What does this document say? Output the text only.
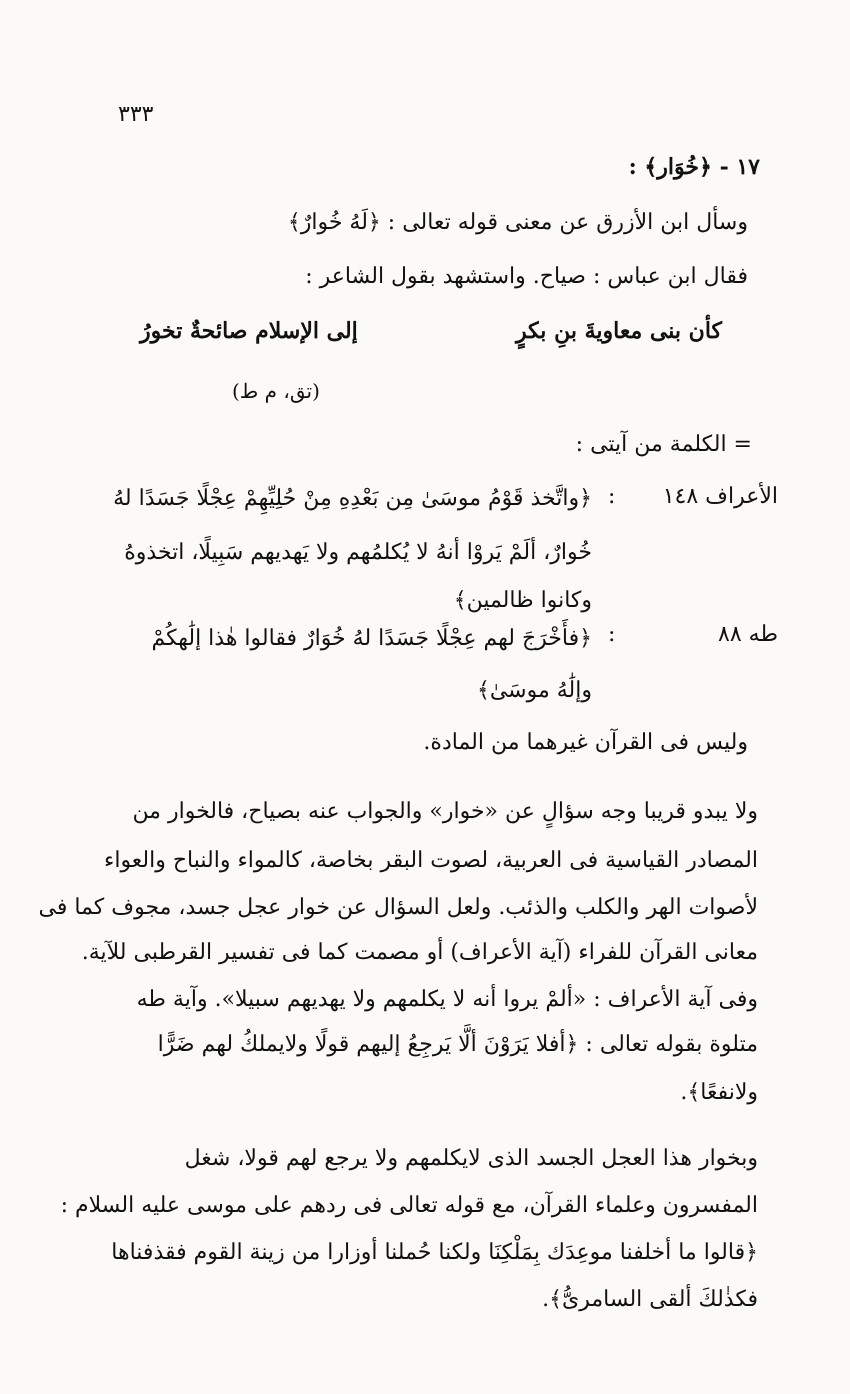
٣٣٣
١٧ - ﴿خُوَار﴾ :
وسأل ابن الأزرق عن معنى قوله تعالى : ﴿لَهُ خُوارٌ﴾
فقال ابن عباس : صياح. واستشهد بقول الشاعر :
كأن بنى معاويةَ بنِ بكرٍ
إلى الإسلام صائحةٌ تخورُ
(تق، م ط)
= الكلمة من آيتى :
الأعراف ١٤٨
:
﴿واتَّخذ قَوْمُ موسَىٰ مِن بَعْدِهِ مِنْ حُلِيِّهِمْ عِجْلًا جَسَدًا لهُ
خُوارٌ، ألَمْ يَروْا أنهُ لا يُكلمُهم ولا يَهديهم سَبِيلًا، اتخذوهُ
وكانوا ظالمين﴾
طه ٨٨
:
﴿فأَخْرَجَ لهم عِجْلًا جَسَدًا لهُ خُوَارٌ فقالوا هٰذا إلَٰهكُمْ
وإلَٰهُ موسَىٰ﴾
وليس فى القرآن غيرهما من المادة.
ولا يبدو قريبا وجه سؤالٍ عن «خوار» والجواب عنه بصياح، فالخوار من
المصادر القياسية فى العربية، لصوت البقر بخاصة، كالمواء والنباح والعواء
لأصوات الهر والكلب والذئب. ولعل السؤال عن خوار عجل جسد، مجوف كما فى
معانى القرآن للفراء (آية الأعراف) أو مصمت كما فى تفسير القرطبى للآية.
وفى آية الأعراف : «ألمْ يروا أنه لا يكلمهم ولا يهديهم سبيلا». وآية طه
متلوة بقوله تعالى : ﴿أفلا يَرَوْنَ ألَّا يَرجِعُ إليهم قولًا ولايملكُ لهم ضَرًّا
ولانفعًا﴾.
وبخوار هذا العجل الجسد الذى لايكلمهم ولا يرجع لهم قولا، شغل
المفسرون وعلماء القرآن، مع قوله تعالى فى ردهم على موسى عليه السلام :
﴿قالوا ما أخلفنا موعِدَك بِمَلْكِنَا ولكنا حُملنا أوزارا من زينة القوم فقذفناها
فكذٰلكَ ألقى السامرىُّ﴾.
